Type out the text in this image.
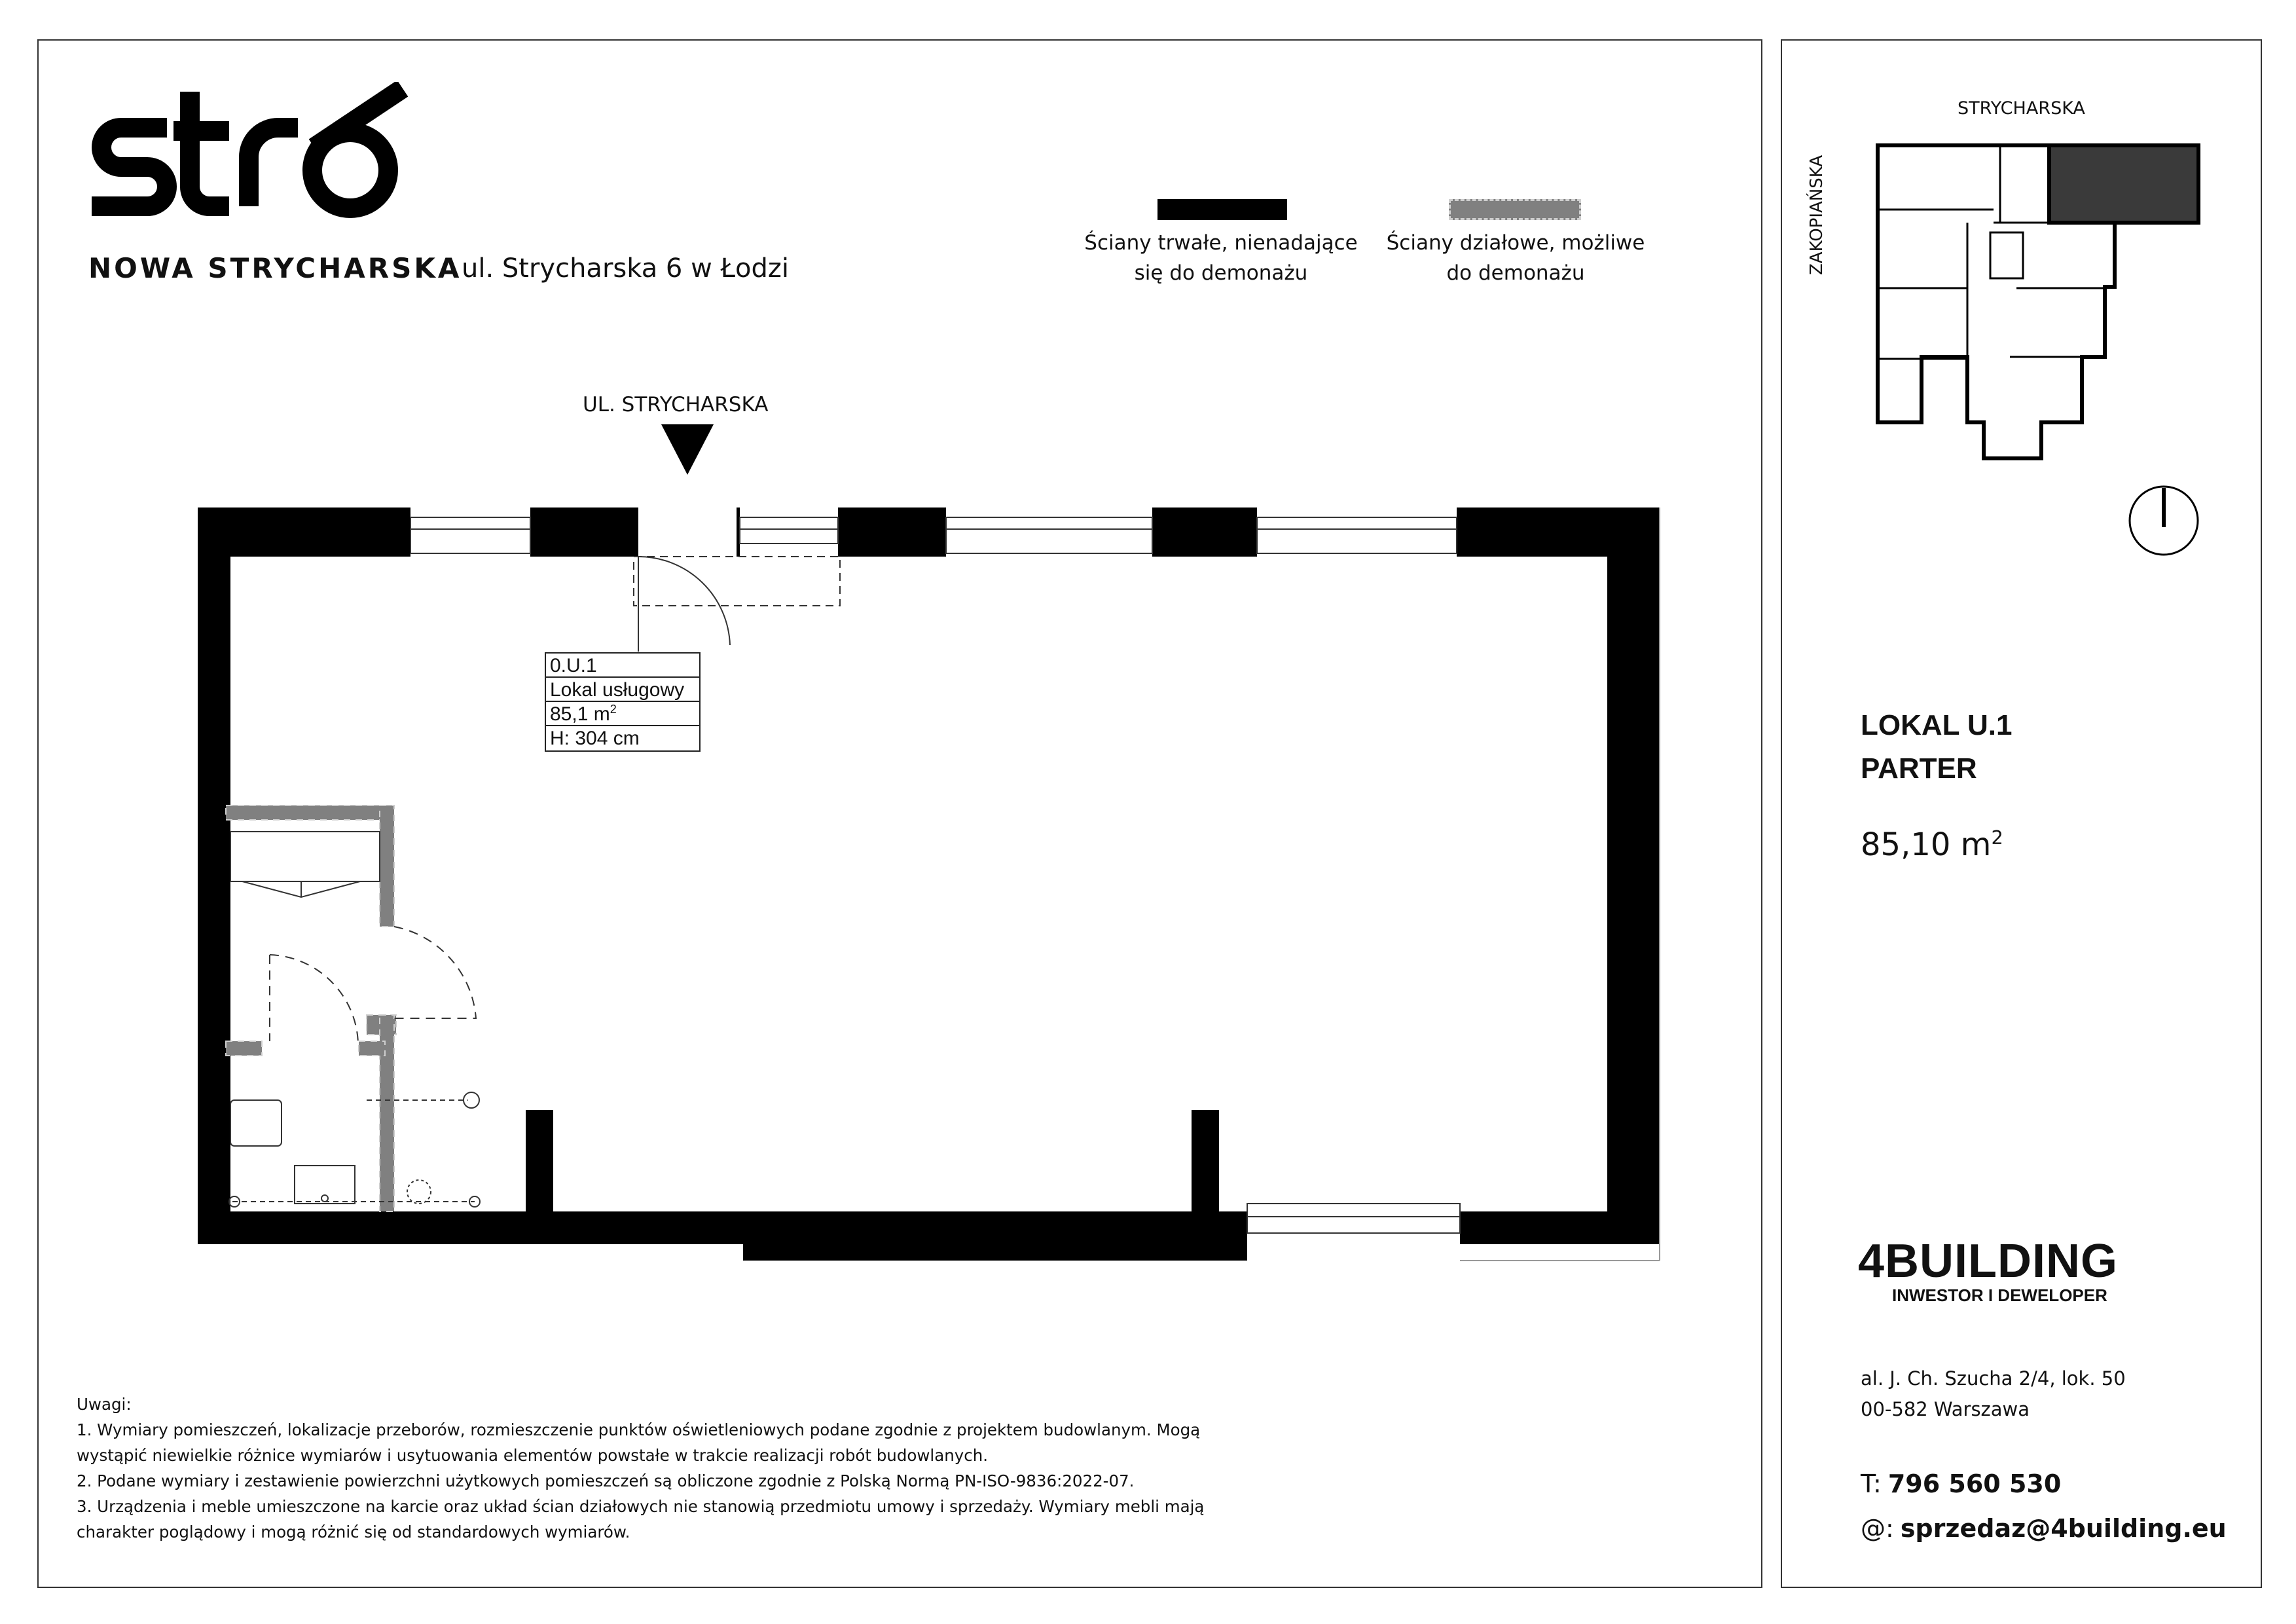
NOWA STRYCHARSKA ul. Strycharska 6 w Łodzi
Ściany trwałe, nienadające
się do demonażu
Ściany działowe, możliwe
do demonażu
UL. STRYCHARSKA
0.U.1
Lokal usługowy
85,1 $m^2$
H: 304 cm
Uwagi:
1. Wymiary pomieszczeń, lokalizacje przeborów, rozmieszczenie punktów oświetleniowych podane zgodnie z projektem budowlanym. Mogą
wystąpić niewielkie różnice wymiarów i usytuowania elementów powstałe w trakcie realizacji robót budowlanych.
2. Podane wymiary i zestawienie powierzchni użytkowych pomieszczeń są obliczone zgodnie z Polską Normą PN-ISO-9836:2022-07.
3. Urządzenia i meble umieszczone na karcie oraz układ ścian działowych nie stanowią przedmiotu umowy i sprzedaży. Wymiary mebli mają
charakter poglądowy i mogą różnić się od standardowych wymiarów.
STRYCHARSKA
ZAKOPIAŃSKA
LOKAL U.1
PARTER
85,10 $m^2$
4BUILDING
INWESTOR I DEWELOPER
al. J. Ch. Szucha 2/4, lok. 50
00-582 Warszawa
T: 796 560 530
@: sprzedaz@4building.eu
